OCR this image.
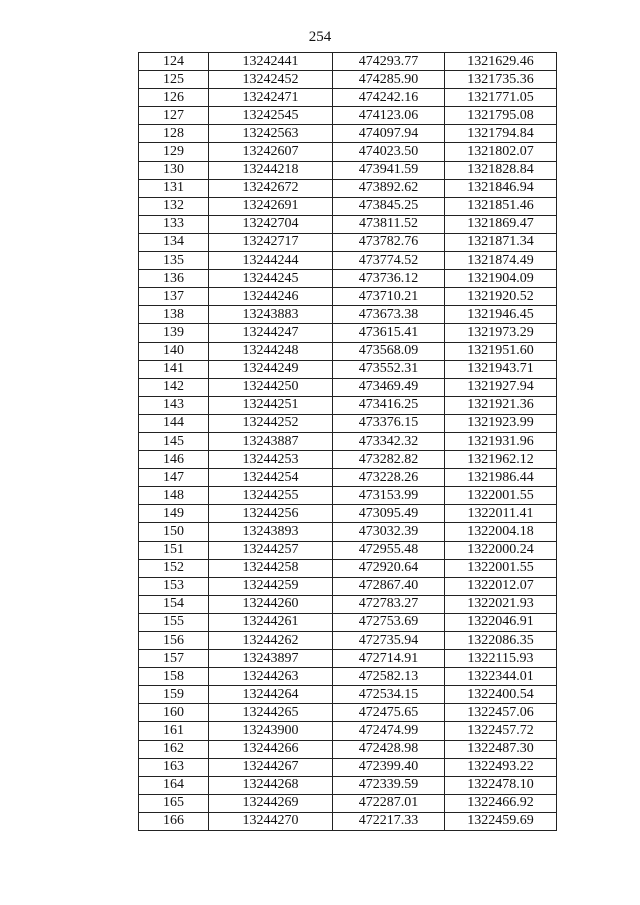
254
124	13242441	474293.77	1321629.46
125	13242452	474285.90	1321735.36
126	13242471	474242.16	1321771.05
127	13242545	474123.06	1321795.08
128	13242563	474097.94	1321794.84
129	13242607	474023.50	1321802.07
130	13244218	473941.59	1321828.84
131	13242672	473892.62	1321846.94
132	13242691	473845.25	1321851.46
133	13242704	473811.52	1321869.47
134	13242717	473782.76	1321871.34
135	13244244	473774.52	1321874.49
136	13244245	473736.12	1321904.09
137	13244246	473710.21	1321920.52
138	13243883	473673.38	1321946.45
139	13244247	473615.41	1321973.29
140	13244248	473568.09	1321951.60
141	13244249	473552.31	1321943.71
142	13244250	473469.49	1321927.94
143	13244251	473416.25	1321921.36
144	13244252	473376.15	1321923.99
145	13243887	473342.32	1321931.96
146	13244253	473282.82	1321962.12
147	13244254	473228.26	1321986.44
148	13244255	473153.99	1322001.55
149	13244256	473095.49	1322011.41
150	13243893	473032.39	1322004.18
151	13244257	472955.48	1322000.24
152	13244258	472920.64	1322001.55
153	13244259	472867.40	1322012.07
154	13244260	472783.27	1322021.93
155	13244261	472753.69	1322046.91
156	13244262	472735.94	1322086.35
157	13243897	472714.91	1322115.93
158	13244263	472582.13	1322344.01
159	13244264	472534.15	1322400.54
160	13244265	472475.65	1322457.06
161	13243900	472474.99	1322457.72
162	13244266	472428.98	1322487.30
163	13244267	472399.40	1322493.22
164	13244268	472339.59	1322478.10
165	13244269	472287.01	1322466.92
166	13244270	472217.33	1322459.69
